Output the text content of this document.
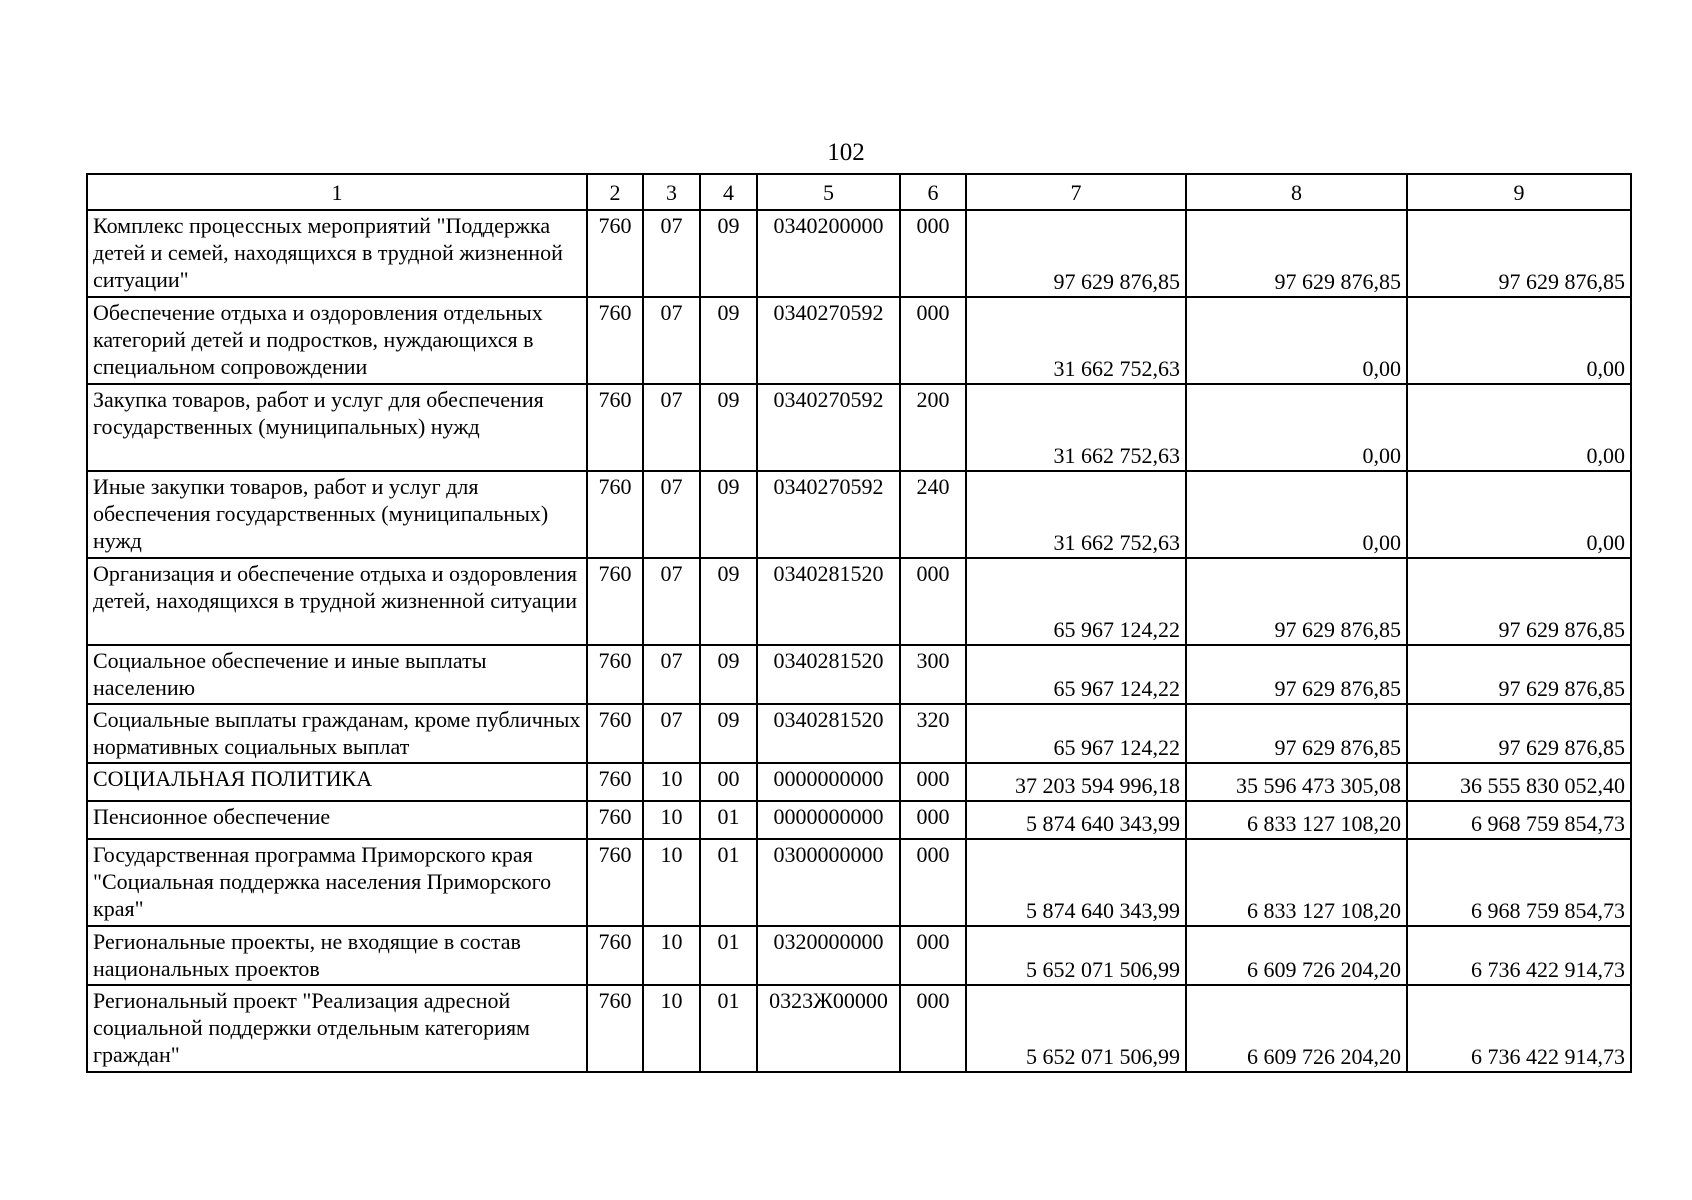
102
1	2	3	4	5	6	7	8	9
Комплекс процессных мероприятий "Поддержка детей и семей, находящихся в трудной жизненной ситуации"	760	07	09	0340200000	000	97 629 876,85	97 629 876,85	97 629 876,85
Обеспечение отдыха и оздоровления отдельных категорий детей и подростков, нуждающихся в специальном сопровождении	760	07	09	0340270592	000	31 662 752,63	0,00	0,00
Закупка товаров, работ и услуг для обеспечения государственных (муниципальных) нужд	760	07	09	0340270592	200	31 662 752,63	0,00	0,00
Иные закупки товаров, работ и услуг для обеспечения государственных (муниципальных) нужд	760	07	09	0340270592	240	31 662 752,63	0,00	0,00
Организация и обеспечение отдыха и оздоровления детей, находящихся в трудной жизненной ситуации	760	07	09	0340281520	000	65 967 124,22	97 629 876,85	97 629 876,85
Социальное обеспечение и иные выплаты населению	760	07	09	0340281520	300	65 967 124,22	97 629 876,85	97 629 876,85
Социальные выплаты гражданам, кроме публичных нормативных социальных выплат	760	07	09	0340281520	320	65 967 124,22	97 629 876,85	97 629 876,85
СОЦИАЛЬНАЯ ПОЛИТИКА	760	10	00	0000000000	000	37 203 594 996,18	35 596 473 305,08	36 555 830 052,40
Пенсионное обеспечение	760	10	01	0000000000	000	5 874 640 343,99	6 833 127 108,20	6 968 759 854,73
Государственная программа Приморского края "Социальная поддержка населения Приморского края"	760	10	01	0300000000	000	5 874 640 343,99	6 833 127 108,20	6 968 759 854,73
Региональные проекты, не входящие в состав национальных проектов	760	10	01	0320000000	000	5 652 071 506,99	6 609 726 204,20	6 736 422 914,73
Региональный проект "Реализация адресной социальной поддержки отдельным категориям граждан"	760	10	01	0323Ж00000	000	5 652 071 506,99	6 609 726 204,20	6 736 422 914,73
